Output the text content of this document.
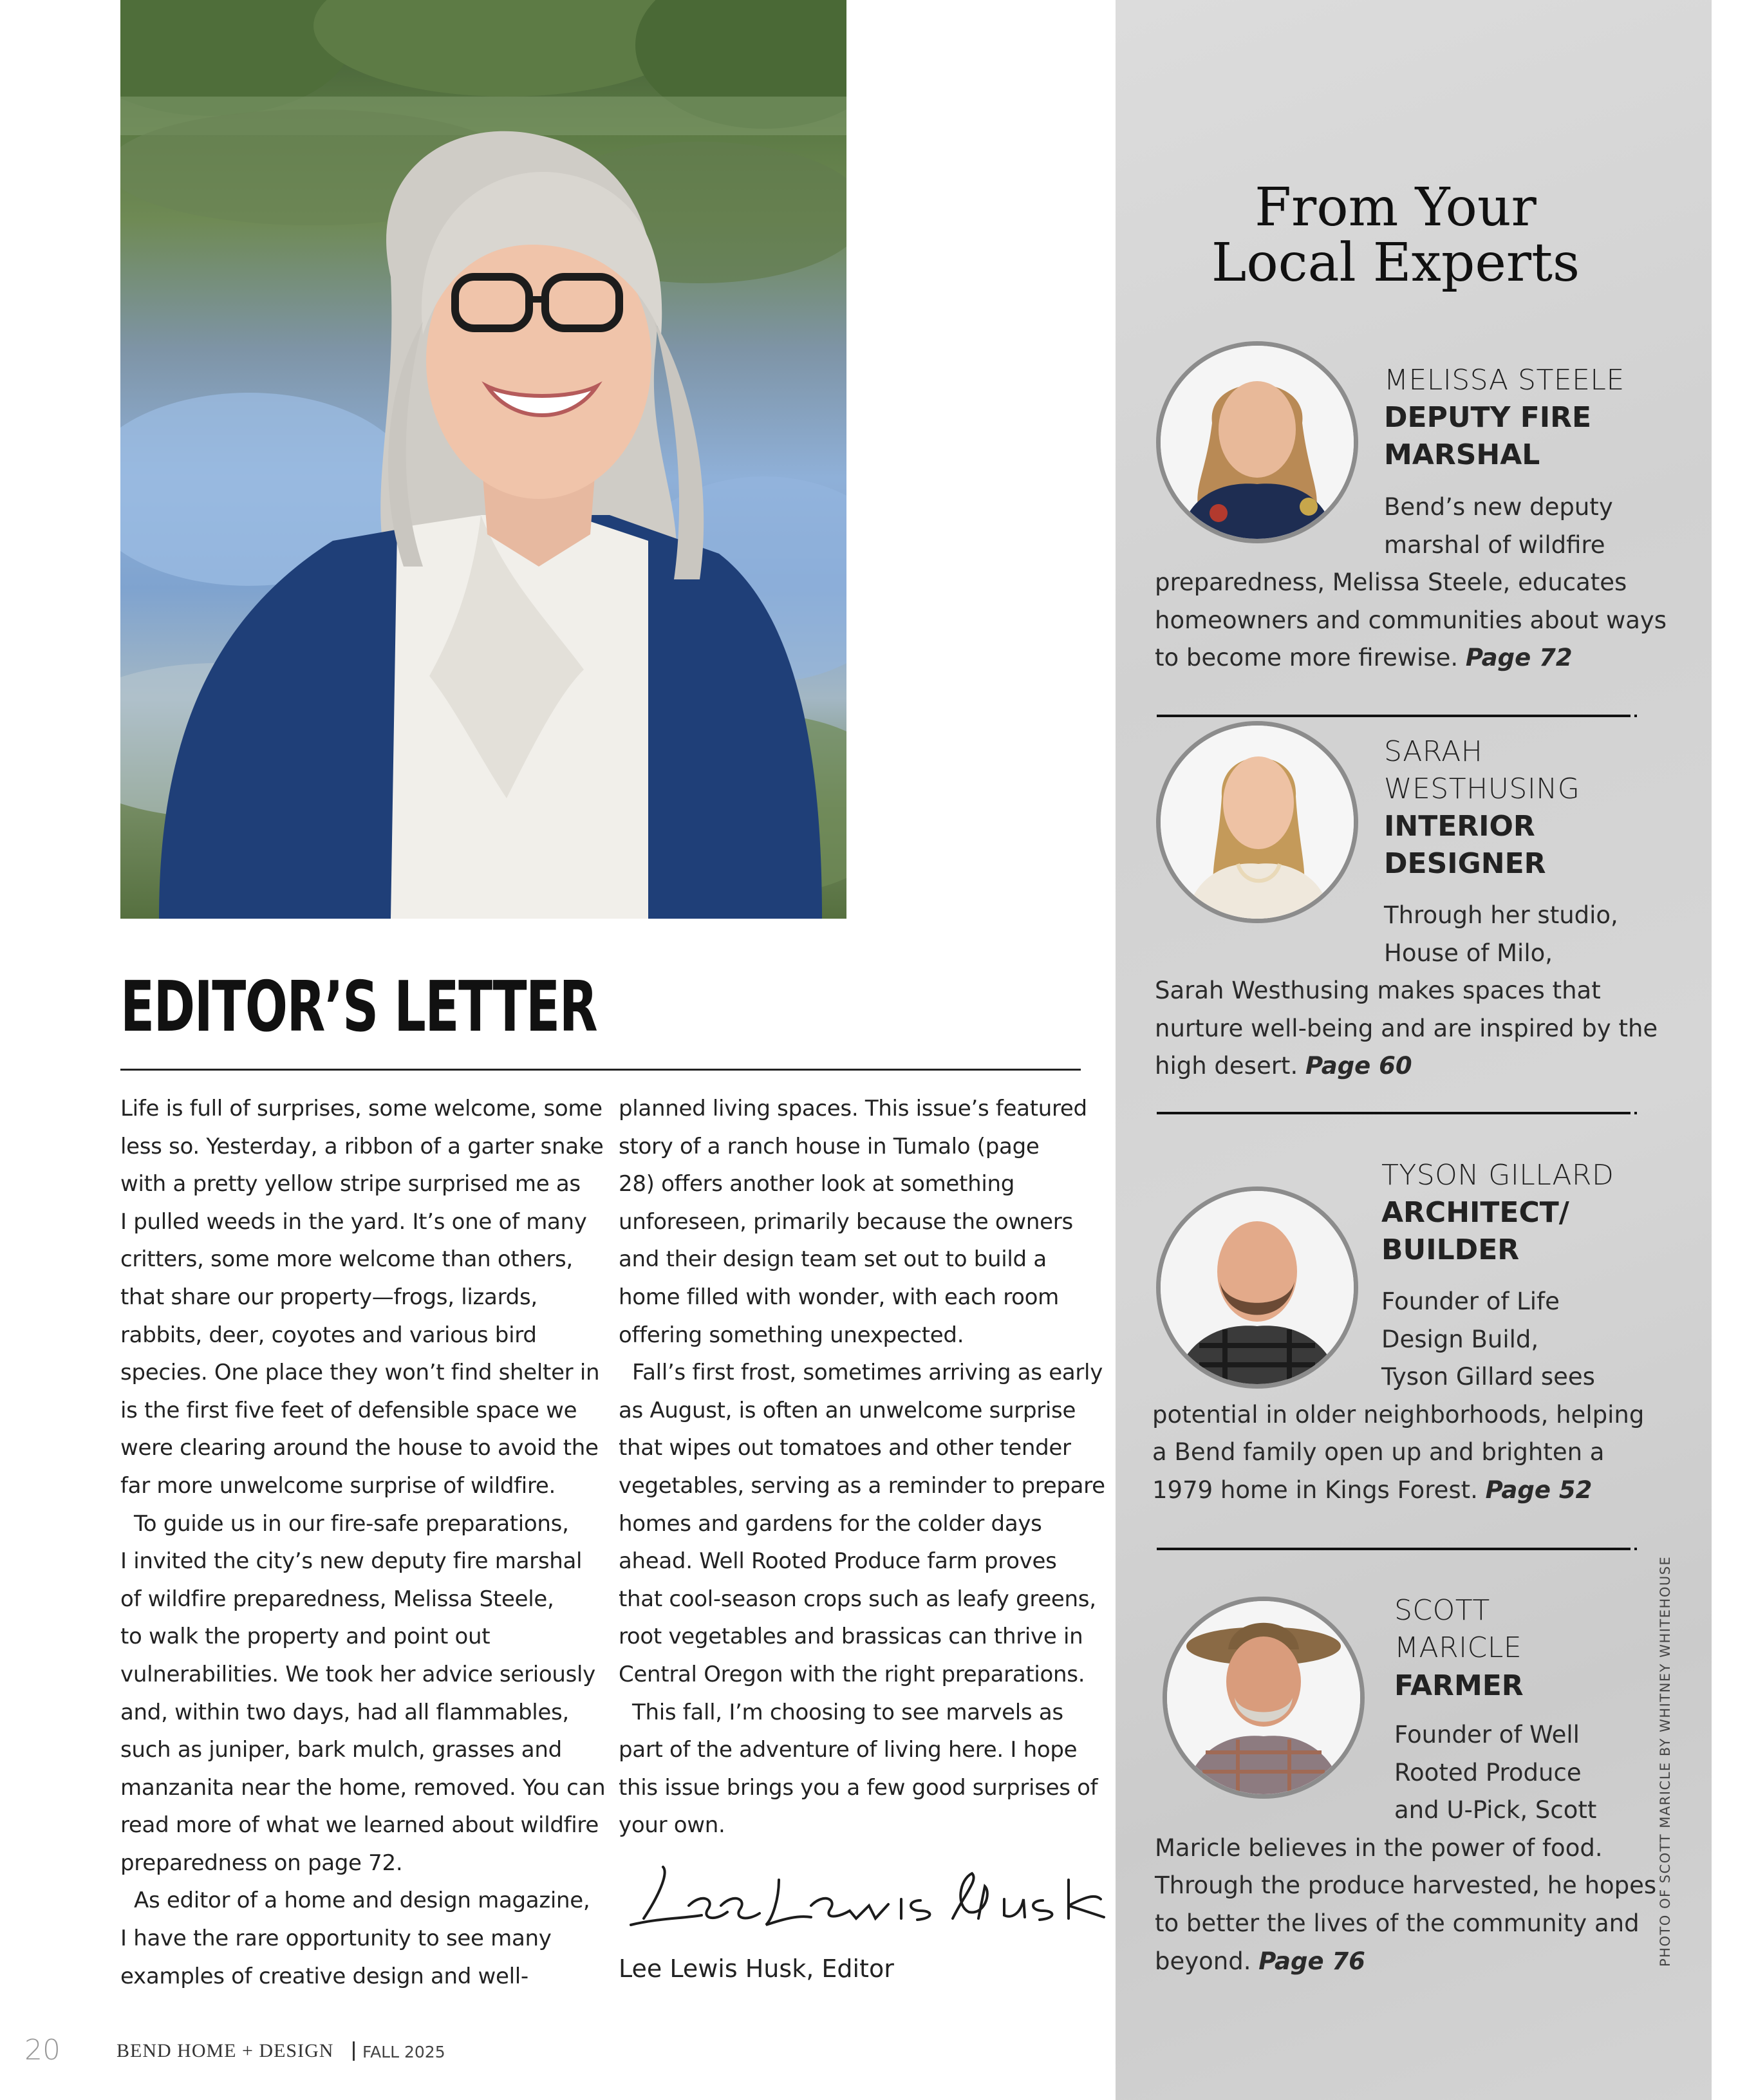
EDITOR’S LETTER
Life is full of surprises, some welcome, some
less so. Yesterday, a ribbon of a garter snake
with a pretty yellow stripe surprised me as
I pulled weeds in the yard. It’s one of many
critters, some more welcome than others,
that share our property—frogs, lizards,
rabbits, deer, coyotes and various bird
species. One place they won’t find shelter in
is the first five feet of defensible space we
were clearing around the house to avoid the
far more unwelcome surprise of wildfire.
To guide us in our fire-safe preparations,
I invited the city’s new deputy fire marshal
of wildfire preparedness, Melissa Steele,
to walk the property and point out
vulnerabilities. We took her advice seriously
and, within two days, had all flammables,
such as juniper, bark mulch, grasses and
manzanita near the home, removed. You can
read more of what we learned about wildfire
preparedness on page 72.
As editor of a home and design magazine,
I have the rare opportunity to see many
examples of creative design and well-
planned living spaces. This issue’s featured
story of a ranch house in Tumalo (page
28) offers another look at something
unforeseen, primarily because the owners
and their design team set out to build a
home filled with wonder, with each room
offering something unexpected.
Fall’s first frost, sometimes arriving as early
as August, is often an unwelcome surprise
that wipes out tomatoes and other tender
vegetables, serving as a reminder to prepare
homes and gardens for the colder days
ahead. Well Rooted Produce farm proves
that cool-season crops such as leafy greens,
root vegetables and brassicas can thrive in
Central Oregon with the right preparations.
This fall, I’m choosing to see marvels as
part of the adventure of living here. I hope
this issue brings you a few good surprises of
your own.
Lee Lewis Husk, Editor
20	BEND HOME + DESIGN FALL 2025
From Your
Local Experts
MELISSA STEELE
DEPUTY FIRE
MARSHAL
Bend’s new deputy
marshal of wildfire
preparedness, Melissa Steele, educates
homeowners and communities about ways
to become more firewise. Page 72
SARAH
WESTHUSING
INTERIOR
DESIGNER
Through her studio,
House of Milo,
Sarah Westhusing makes spaces that
nurture well-being and are inspired by the
high desert. Page 60
TYSON GILLARD
ARCHITECT/
BUILDER
Founder of Life
Design Build,
Tyson Gillard sees
potential in older neighborhoods, helping
a Bend family open up and brighten a
1979 home in Kings Forest. Page 52
SCOTT
MARICLE
FARMER
Founder of Well
Rooted Produce
and U-Pick, Scott
Maricle believes in the power of food.
Through the produce harvested, he hopes
to better the lives of the community and
beyond. Page 76	PHOTO OF SCOTT MARICLE BY WHITNEY WHITEHOUSE
